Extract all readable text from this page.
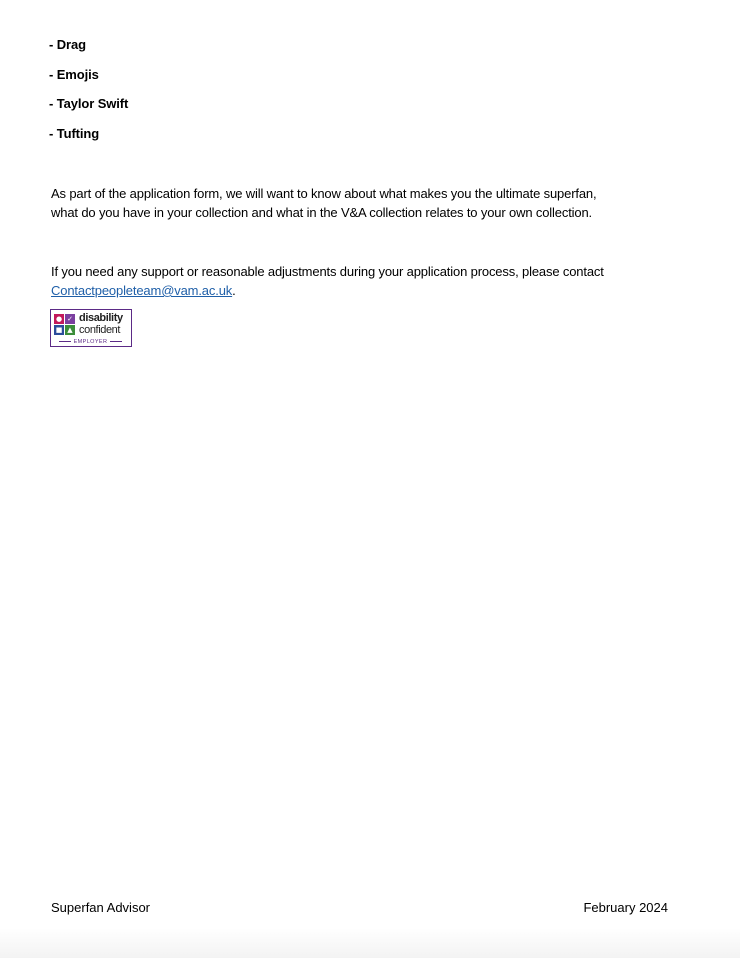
- Drag
- Emojis
- Taylor Swift
- Tufting

As part of the application form, we will want to know about what makes you the ultimate superfan,

what do you have in your collection and what in the V&A collection relates to your own collection.

If you need any support or reasonable adjustments during your application process, please contact

Contactpeopleteam@vam.ac.uk.

● ✓
■ ▲
disability
confident
EMPLOYER
Superfan Advisor	February 2024
